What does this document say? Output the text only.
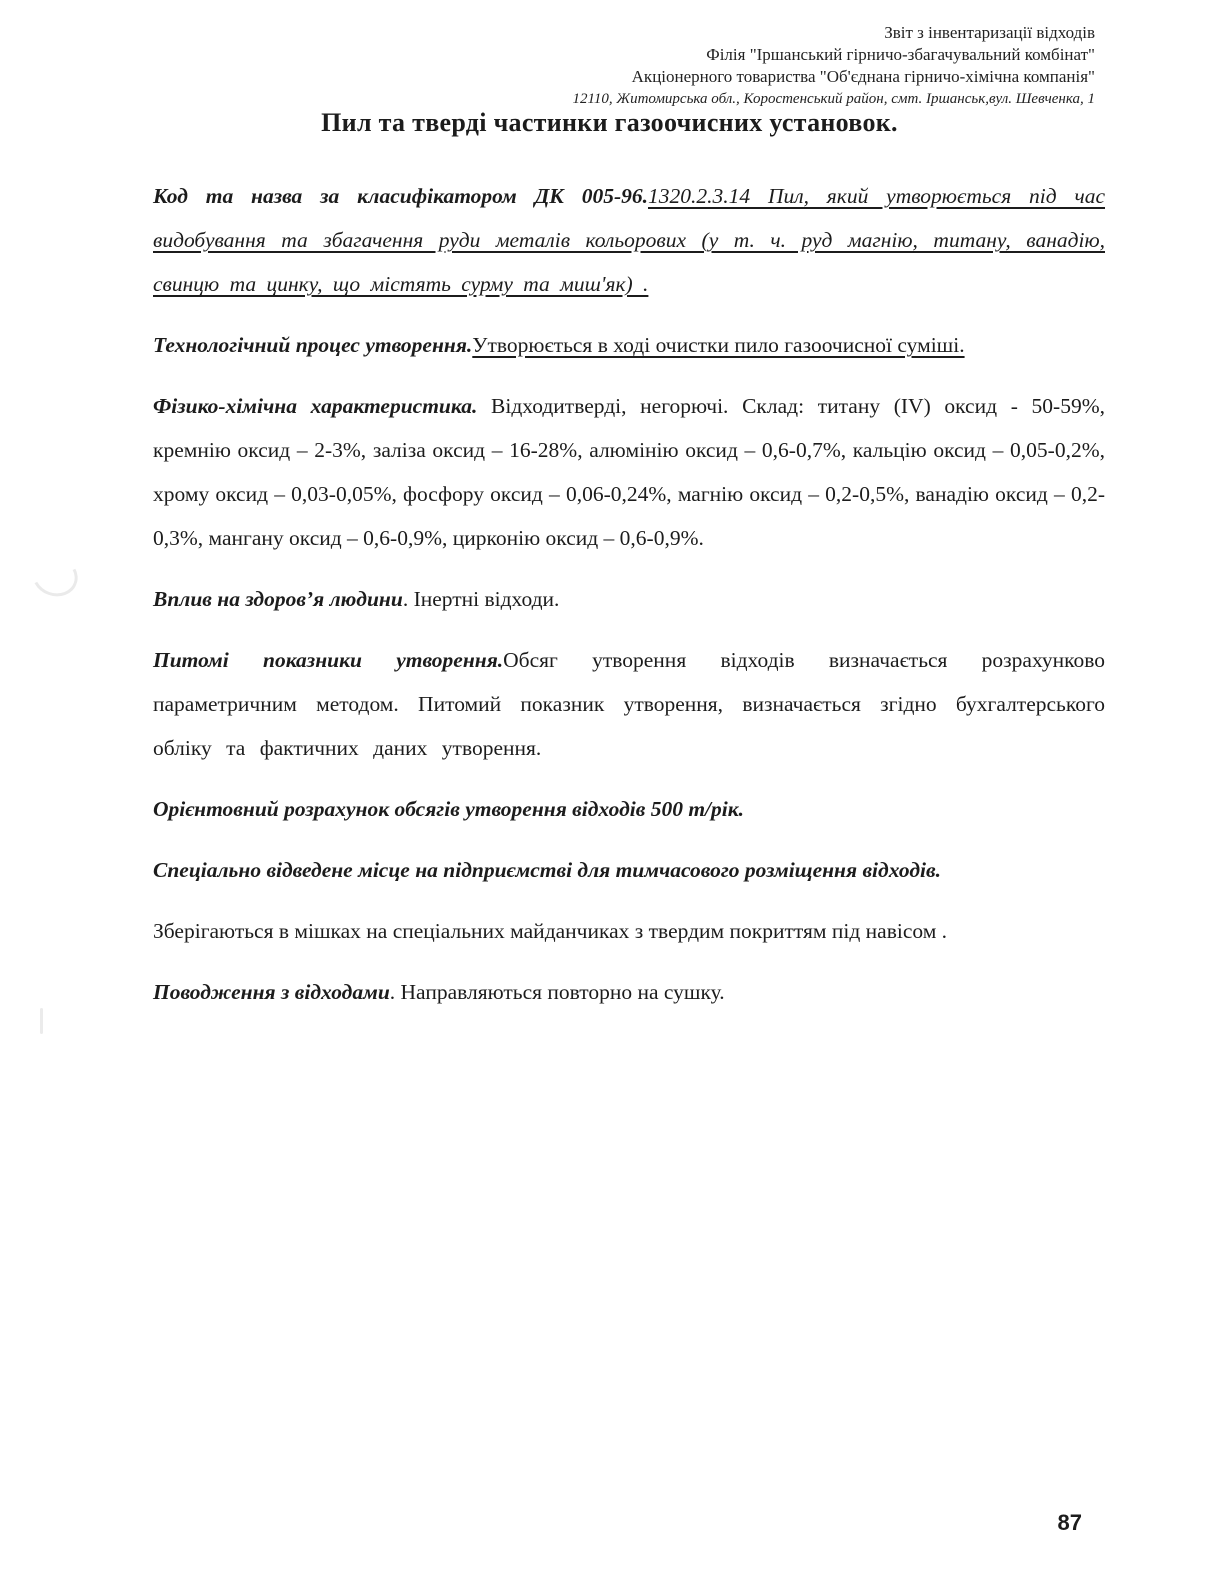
Звіт з інвентаризації відходів
Філія "Іршанський гірничо-збагачувальний комбінат"
Акціонерного товариства "Об'єднана гірничо-хімічна компанія"
12110, Житомирська обл., Коростенський район, смт. Іршанськ,вул. Шевченка, 1
Пил та тверді частинки газоочисних установок.

Код та назва за класифікатором ДК 005-96.1320.2.3.14 Пил, який утворюється під час видобування та збагачення руди металів кольорових (у т. ч. руд магнію, титану, ванадію, свинцю та цинку, що містять сурму та миш'як) .

Технологічний процес утворення.Утворюється в ході очистки пило газоочисної суміші.

Фізико-хімічна характеристика. Відходитверді, негорючі. Склад: титану (IV) оксид - 50-59%, кремнію оксид – 2-3%, заліза оксид – 16-28%, алюмінію оксид – 0,6-0,7%, кальцію оксид – 0,05-0,2%, хрому оксид – 0,03-0,05%, фосфору оксид – 0,06-0,24%, магнію оксид – 0,2-0,5%, ванадію оксид – 0,2-0,3%, мангану оксид – 0,6-0,9%, цирконію оксид – 0,6-0,9%.

Вплив на здоров’я людини. Інертні відходи.

Питомі показники утворення.Обсяг утворення відходів визначається розрахунково параметричним методом. Питомий показник утворення, визначається згідно бухгалтерського обліку та фактичних даних утворення.

Орієнтовний розрахунок обсягів утворення відходів 500 т/рік.

Спеціально відведене місце на підприємстві для тимчасового розміщення відходів.

Зберігаються в мішках на спеціальних майданчиках з твердим покриттям під навісом .

Поводження з відходами. Направляються повторно на сушку.

87
